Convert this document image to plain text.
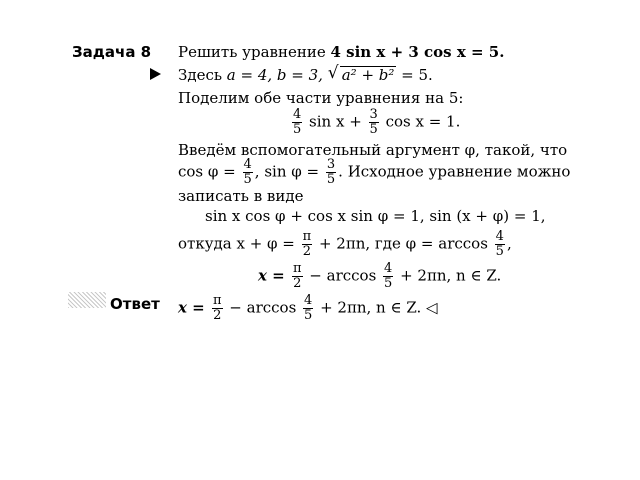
Задача 8 Решить уравнение 4 sin x + 3 cos x = 5.
Здесь a = 4, b = 3, √ a² + b² = 5.
Поделим обе части уравнения на 5:
$\frac{4}{5}$ $\sin x + \frac{3}{5}$ cos x = 1.
Введём вспомогательный аргумент φ, такой, что
$\cos \varphi = \frac{4}{5}$ , $\sin \varphi = \frac{3}{5}$ . Исходное уравнение можно
записать в виде
sin x cos φ + cos x sin φ = 1, sin (x + φ) = 1,
откуда $x + \varphi = \frac{\pi}{2} + 2\pi n$, где $\varphi = \arccos \frac{4}{5}$ ,
$x = \frac{\pi}{2} - \arccos \frac{4}{5} + 2\pi n$, n ∈ Z.
Ответ $x = \frac{\pi}{2} - \arccos \frac{4}{5} + 2\pi n$, n ∈ Z. ◁
